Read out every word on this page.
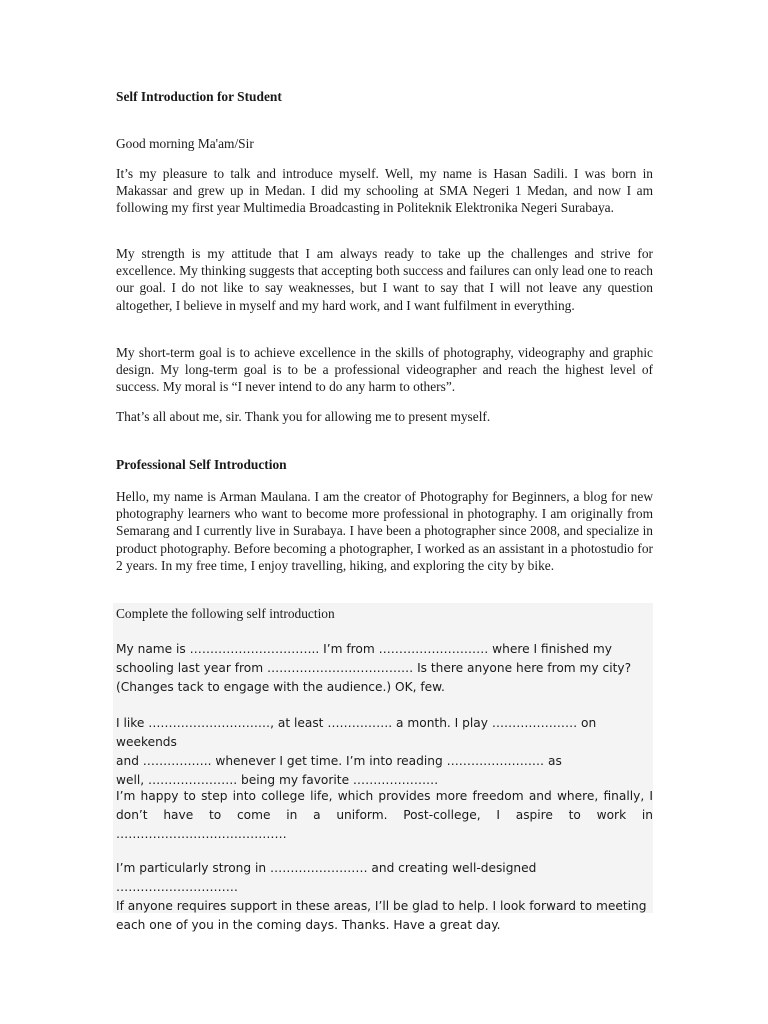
Self Introduction for Student

Good morning Ma'am/Sir

It’s my pleasure to talk and introduce myself. Well, my name is Hasan Sadili. I was born in Makassar and grew up in Medan. I did my schooling at SMA Negeri 1 Medan, and now I am following my first year Multimedia Broadcasting in Politeknik Elektronika Negeri Surabaya.

My strength is my attitude that I am always ready to take up the challenges and strive for excellence. My thinking suggests that accepting both success and failures can only lead one to reach our goal. I do not like to say weaknesses, but I want to say that I will not leave any question altogether, I believe in myself and my hard work, and I want fulfilment in everything.

My short-term goal is to achieve excellence in the skills of photography, videography and graphic design. My long-term goal is to be a professional videographer and reach the highest level of success. My moral is “I never intend to do any harm to others”.

That’s all about me, sir. Thank you for allowing me to present myself.

Professional Self Introduction

Hello, my name is Arman Maulana. I am the creator of Photography for Beginners, a blog for new photography learners who want to become more professional in photography. I am originally from Semarang and I currently live in Surabaya. I have been a photographer since 2008, and specialize in product photography. Before becoming a photographer, I worked as an assistant in a photostudio for 2 years. In my free time, I enjoy travelling, hiking, and exploring the city by bike.

Complete the following self introduction

My name is ………………………….. I’m from ……………………… where I finished my schooling last year from ……………………………… Is there anyone here from my city? (Changes tack to engage with the audience.) OK, few.

I like …………………………, at least ……………. a month. I play ………………… on weekends
and …………….. whenever I get time. I’m into reading …………………… as
well, …………………. being my favorite …………………

I’m happy to step into college life, which provides more freedom and where, finally, I don’t have to come in a uniform. Post-college, I aspire to work in ……………………………………

I’m particularly strong in …………………… and creating well-designed …………………………
If anyone requires support in these areas, I’ll be glad to help. I look forward to meeting each one of you in the coming days. Thanks. Have a great day.
